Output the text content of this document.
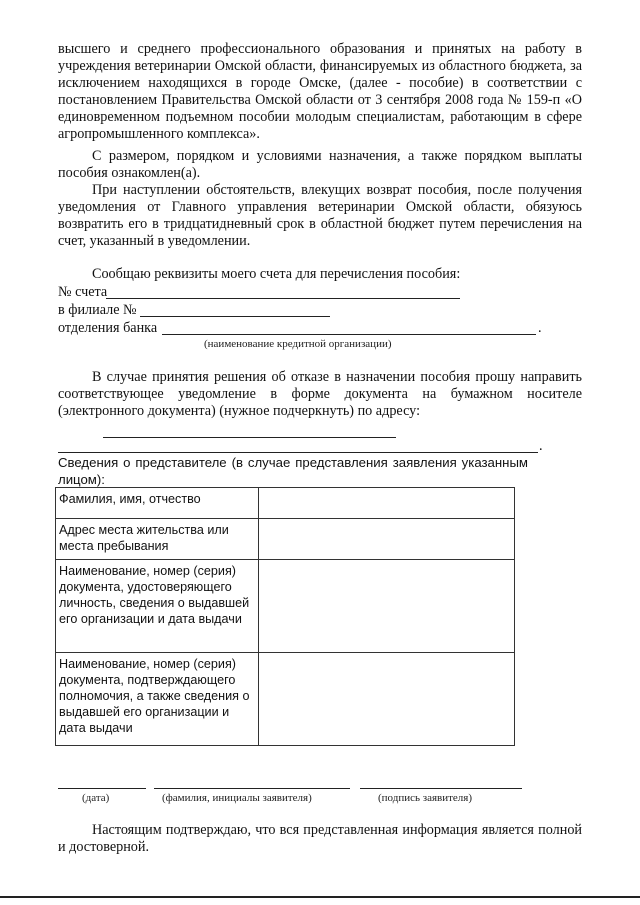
высшего и среднего профессионального образования и принятых на работу в учреждения ветеринарии Омской области, финансируемых из областного бюджета, за исключением находящихся в городе Омске, (далее - пособие) в соответствии с постановлением Правительства Омской области от 3 сентября 2008 года № 159-п «О единовременном подъемном пособии молодым специалистам, работающим в сфере агропромышленного комплекса».

С размером, порядком и условиями назначения, а также порядком выплаты пособия ознакомлен(а).

При наступлении обстоятельств, влекущих возврат пособия, после получения уведомления от Главного управления ветеринарии Омской области, обязуюсь возвратить его в тридцатидневный срок в областной бюджет путем перечисления на счет, указанный в уведомлении.

Сообщаю реквизиты моего счета для перечисления пособия:
№ счета
в филиале №
отделения банка	.
(наименование кредитной организации)

В случае принятия решения об отказе в назначении пособия прошу направить соответствующее уведомление в форме документа на бумажном носителе (электронного документа) (нужное подчеркнуть) по адресу:

.

Сведения о представителе (в случае представления заявления указанным лицом):

Фамилия, имя, отчество	
Адрес места жительства или места пребывания	
Наименование, номер (серия) документа, удостоверяющего личность, сведения о выдавшей его организации и дата выдачи	
Наименование, номер (серия) документа, подтверждающего полномочия, а также сведения о выдавшей его организации и дата выдачи	
(дата)	(фамилия, инициалы заявителя)	(подпись заявителя)

Настоящим подтверждаю, что вся представленная информация является полной и достоверной.
